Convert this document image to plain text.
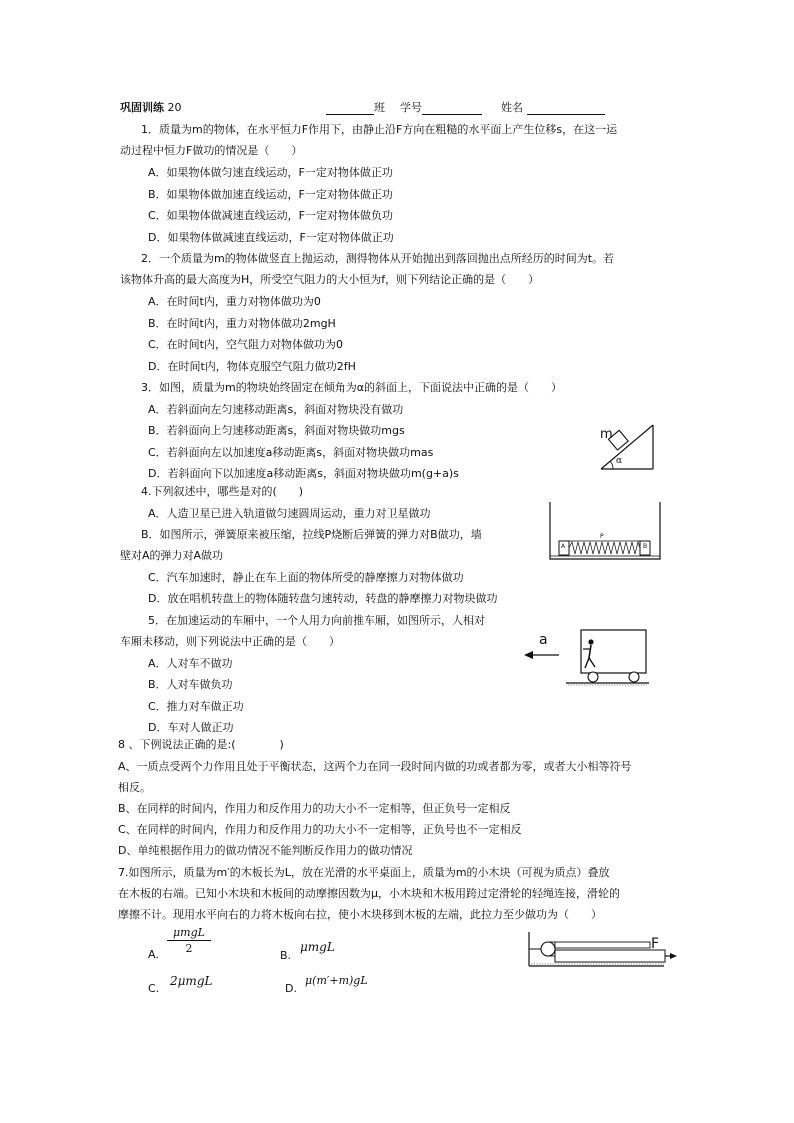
巩固训练 20	班 学号	姓名
1．质量为m的物体，在水平恒力F作用下，由静止沿F方向在粗糙的水平面上产生位移s，在这一运
动过程中恒力F做功的情况是（　　）
A．如果物体做匀速直线运动，F一定对物体做正功
B．如果物体做加速直线运动，F一定对物体做正功
C．如果物体做减速直线运动，F一定对物体做负功
D．如果物体做减速直线运动，F一定对物体做正功
2．一个质量为m的物体做竖直上抛运动，测得物体从开始抛出到落回抛出点所经历的时间为t。若
该物体升高的最大高度为H，所受空气阻力的大小恒为f，则下列结论正确的是（　　）
A．在时间t内，重力对物体做功为0
B．在时间t内，重力对物体做功2mgH
C．在时间t内，空气阻力对物体做功为0
D．在时间t内，物体克服空气阻力做功2fH
3．如图，质量为m的物块始终固定在倾角为α的斜面上，下面说法中正确的是（　　）
A．若斜面向左匀速移动距离s，斜面对物块没有做功
B．若斜面向上匀速移动距离s，斜面对物块做功mgs
C．若斜面向左以加速度a移动距离s，斜面对物块做功mas
D．若斜面向下以加速度a移动距离s，斜面对物块做功m(g+a)s
m
α
4.下列叙述中，哪些是对的(　　)
A．人造卫星已进入轨道做匀速圆周运动，重力对卫星做功
B．如图所示，弹簧原来被压缩，拉线P烧断后弹簧的弹力对B做功，墙
壁对A的弹力对A做功
C．汽车加速时，静止在车上面的物体所受的静摩擦力对物体做功
D．放在唱机转盘上的物体随转盘匀速转动，转盘的静摩擦力对物块做功
A
P
B
5．在加速运动的车厢中，一个人用力向前推车厢，如图所示，人相对
车厢未移动，则下列说法中正确的是（　　）
A．人对车不做功
B．人对车做负功
C．推力对车做正功
D．车对人做正功
a
8 、下例说法正确的是:(　　　　)
A、一质点受两个力作用且处于平衡状态，这两个力在同一段时间内做的功或者都为零，或者大小相等符号
相反。
B、在同样的时间内，作用力和反作用力的功大小不一定相等，但正负号一定相反
C、在同样的时间内，作用力和反作用力的功大小不一定相等，正负号也不一定相反
D、单纯根据作用力的做功情况不能判断反作用力的做功情况
7.如图所示，质量为m′的木板长为L，放在光滑的水平桌面上，质量为m的小木块（可视为质点）叠放
在木板的右端。已知小木块和木板间的动摩擦因数为μ，小木块和木板用跨过定滑轮的轻绳连接，滑轮的
摩擦不计。现用水平向右的力将木板向右拉，使小木块移到木板的左端，此拉力至少做功为（　　）
A.
μmgL
2
B.
μmgL
C.
2μmgL
D.
μ(m′+m)gL
F
